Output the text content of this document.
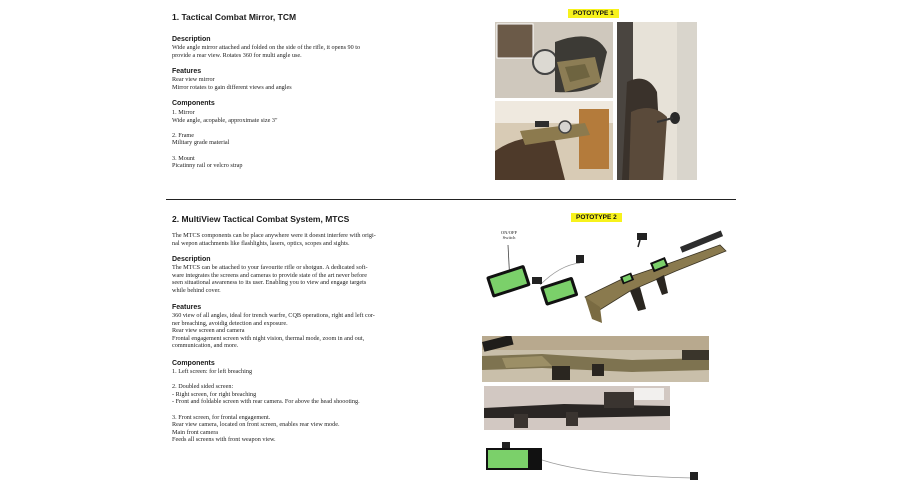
1. Tactical Combat Mirror, TCM
Description
Wide angle mirror attached and folded on the side of the rifle, it opens 90 to
provide a rear view. Rotates 360 for multi angle use.
Features
Rear view mirror
Mirror rotates to gain different views and angles
Components
1. Mirror
Wide angle, acopable, approximate size 3"
2. Frame
Military grade material
3. Mount
Picatinny rail or velcro strap
POTOTYPE 1
2. MultiView Tactical Combat System, MTCS
The MTCS components can be place anywhere were it doesnt interfere with origi-
nal wepon attachments like flashlights, lasers, optics, scopes and sights.
Description
The MTCS can be attached to your favourite rifle or shotgun. A dedicated soft-
ware integrates the screens and cameras to provide state of the art never before
seen situational awareness to its user. Enabling you to view and engage targets
while behind cover.
Features
360 view of all angles, ideal for trench warfre, CQB operations, right and left cor-
ner breaching, avoidig detection and exposure.
Rear view screen and camera
Frontal engagement screen with night vision, thermal mode, zoom in and out,
communication, and more.
Components
1. Left screen: for left breaching
2. Doubled sided screen:
- Right screen, for right breaching
- Front and foldable screen with rear camera. For above the head shoooting.
3. Front screen, for frontal engagement.
Rear view camera, located on front screen, enables rear view mode.
Main front camera
Feeds all screens with front weapon view.
POTOTYPE 2
ON/OFF
Switch
